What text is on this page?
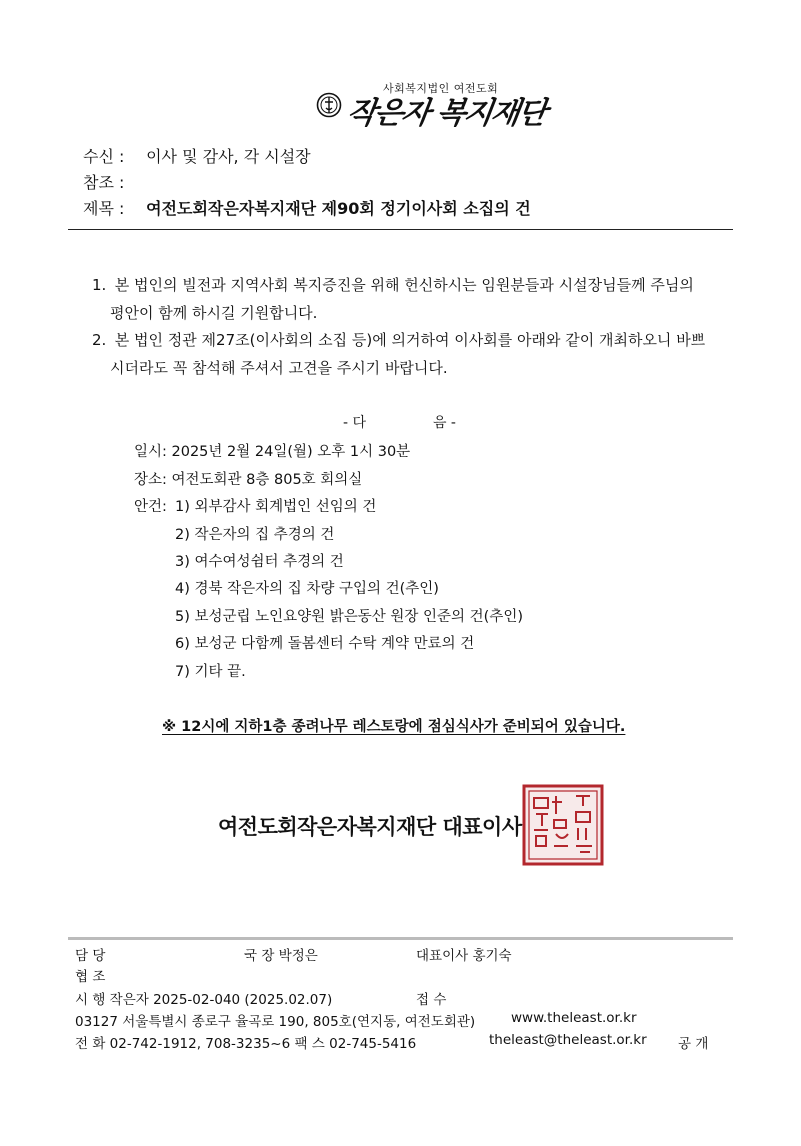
사회복지법인 여전도회
작은자 복지재단
수신 : 이사 및 감사, 각 시설장
참조 :
제목 : 여전도회작은자복지재단 제90회 정기이사회 소집의 건
1. 본 법인의 빌전과 지역사회 복지증진을 위해 헌신하시는 임원분들과 시설장님들께 주님의
평안이 함께 하시길 기원합니다.
2. 본 법인 정관 제27조(이사회의 소집 등)에 의거하여 이사회를 아래와 같이 개최하오니 바쁘
시더라도 꼭 참석해 주셔서 고견을 주시기 바랍니다.
- 다	음 -
일시: 2025년 2월 24일(월) 오후 1시 30분
장소: 여전도회관 8층 805호 회의실
안건: 1) 외부감사 회계법인 선임의 건
2) 작은자의 집 추경의 건
3) 여수여성쉼터 추경의 건
4) 경북 작은자의 집 차량 구입의 건(추인)
5) 보성군립 노인요양원 밝은동산 원장 인준의 건(추인)
6) 보성군 다함께 돌봄센터 수탁 계약 만료의 건
7) 기타 끝.
※ 12시에 지하1층 종려나무 레스토랑에 점심식사가 준비되어 있습니다.
여전도회작은자복지재단 대표이사
담 당	국 장 박정은	대표이사 홍기숙
협 조
시 행 작은자 2025-02-040 (2025.02.07)	접 수
03127 서울특별시 종로구 율곡로 190, 805호(연지동, 여전도회관)	www.theleast.or.kr
전 화 02-742-1912, 708-3235~6 팩 스 02-745-5416	theleast@theleast.or.kr 공 개
